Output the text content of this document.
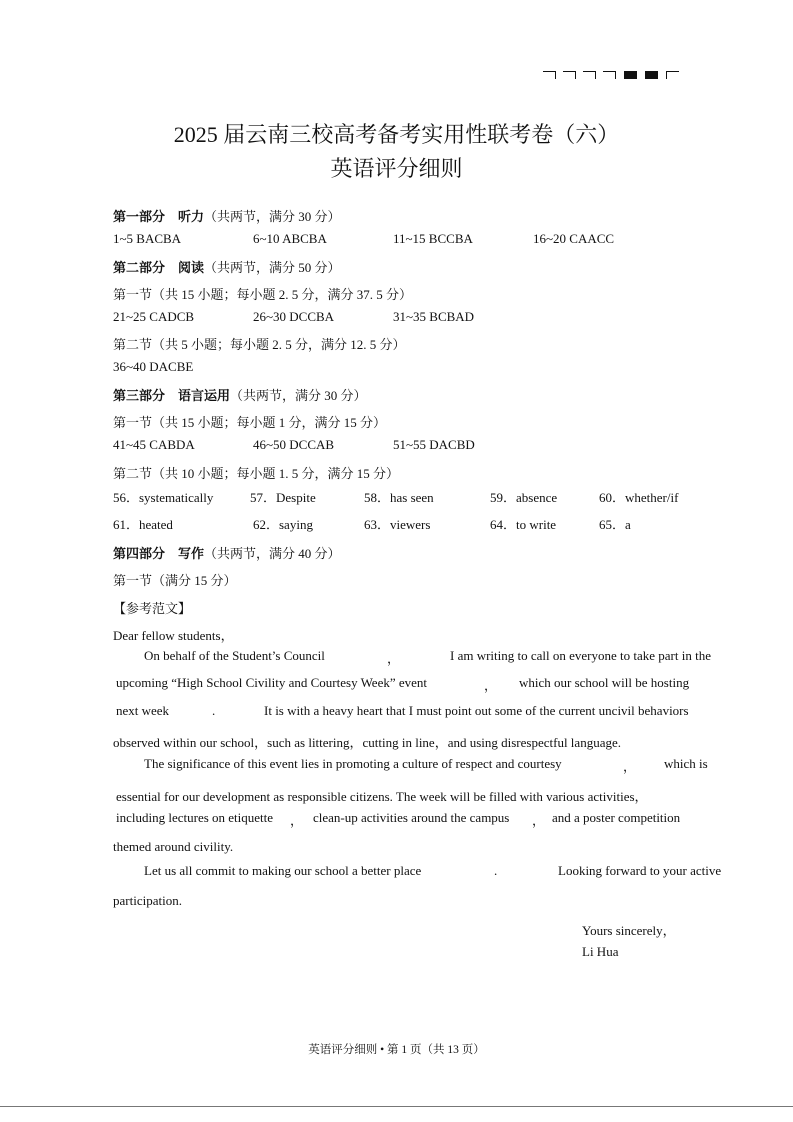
2025 届云南三校高考备考实用性联考卷（六）
英语评分细则
第一部分　听力（共两节，满分 30 分）
1~5 BACBA	6~10 ABCBA	11~15 BCCBA	16~20 CAACC
第二部分　阅读（共两节，满分 50 分）
第一节（共 15 小题；每小题 2. 5 分，满分 37. 5 分）
21~25 CADCB	26~30 DCCBA	31~35 BCBAD
第二节（共 5 小题；每小题 2. 5 分，满分 12. 5 分）
36~40 DACBE
第三部分　语言运用（共两节，满分 30 分）
第一节（共 15 小题；每小题 1 分，满分 15 分）
41~45 CABDA	46~50 DCCAB	51~55 DACBD
第二节（共 10 小题；每小题 1. 5 分，满分 15 分）
56．systematically	57．Despite	58．has seen	59．absence	60．whether/if
61．heated	62．saying	63．viewers	64．to write	65．a
第四部分　写作（共两节，满分 40 分）
第一节（满分 15 分）
【参考范文】
Dear fellow students，
On behalf of the Student’s Council	，	I am writing to call on everyone to take part in the
upcoming “High School Civility and Courtesy Week” event	， which our school will be hosting
next week	.	It is with a heavy heart that I must point out some of the current uncivil behaviors
observed within our school，such as littering，cutting in line，and using disrespectful language.
The significance of this event lies in promoting a culture of respect and courtesy	， which is
essential for our development as responsible citizens. The week will be filled with various activities，
including lectures on etiquette ， clean-up activities around the campus ， and a poster competition
themed around civility.
Let us all commit to making our school a better place	.	Looking forward to your active
participation.
Yours sincerely，
Li Hua
英语评分细则 • 第 1 页（共 13 页）
